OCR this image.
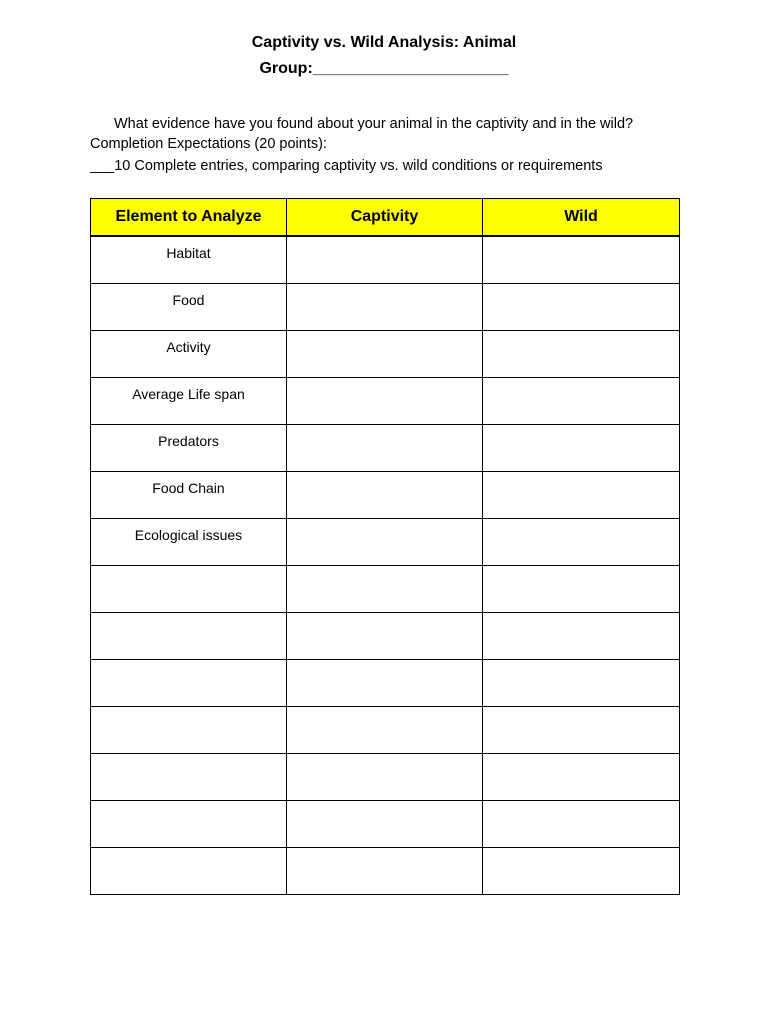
Captivity vs. Wild Analysis: Animal
Group:______________________
What evidence have you found about your animal in the captivity and in the wild?
Completion Expectations (20 points):
___10 Complete entries, comparing captivity vs. wild conditions or requirements
Element to Analyze	Captivity	Wild

Habitat		

Food		

Activity		

Average Life span		

Predators		

Food Chain		

Ecological issues		
